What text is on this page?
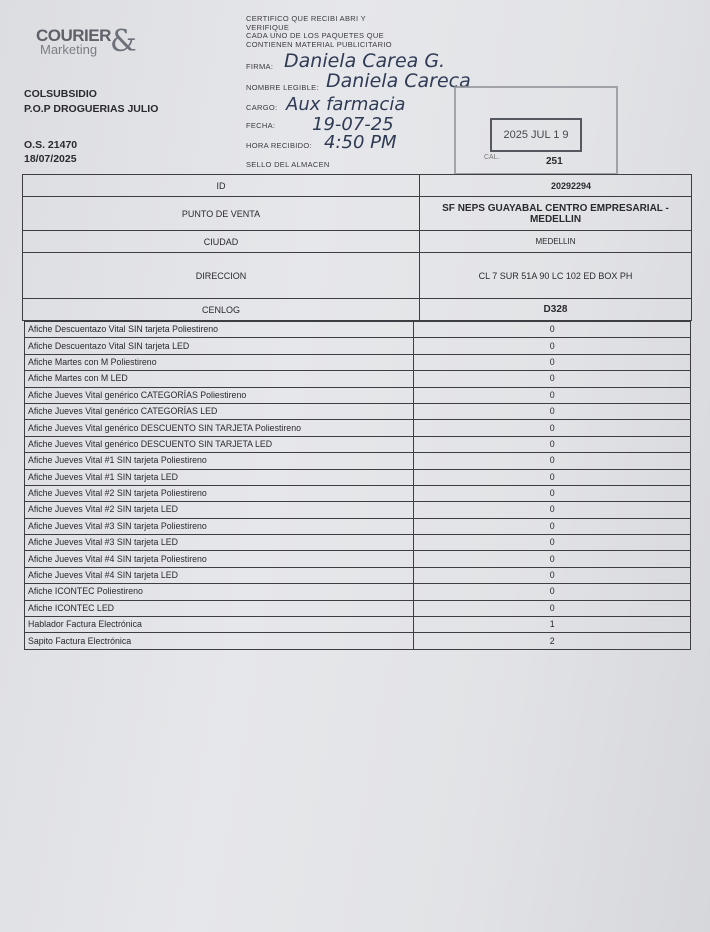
COURIER
Marketing &
COLSUBSIDIO
P.O.P DROGUERIAS JULIO
O.S. 21470
18/07/2025
CERTIFICO QUE RECIBI ABRI Y
VERIFIQUE
CADA UNO DE LOS PAQUETES QUE
CONTIENEN MATERIAL PUBLICITARIO
FIRMA: Daniela Carea G.
NOMBRE LEGIBLE: Daniela Careca
CARGO: Aux farmacia
FECHA: 19-07-25
HORA RECIBIDO: 4:50 PM
SELLO DEL ALMACEN
2025 JUL 1 9
CAL.	251
ID	20292294
PUNTO DE VENTA	SF NEPS GUAYABAL CENTRO EMPRESARIAL - MEDELLIN
CIUDAD	MEDELLIN
DIRECCION	CL 7 SUR 51A 90 LC 102 ED BOX PH
CENLOG	D328
Afiche Descuentazo Vital SIN tarjeta Poliestireno	0
Afiche Descuentazo Vital SIN tarjeta LED	0
Afiche Martes con M Poliestireno	0
Afiche Martes con M LED	0
Afiche Jueves Vital genérico CATEGORÍAS Poliestireno	0
Afiche Jueves Vital genérico CATEGORÍAS LED	0
Afiche Jueves Vital genérico DESCUENTO SIN TARJETA Poliestireno	0
Afiche Jueves Vital genérico DESCUENTO SIN TARJETA LED	0
Afiche Jueves Vital #1 SIN tarjeta Poliestireno	0
Afiche Jueves Vital #1 SIN tarjeta LED	0
Afiche Jueves Vital #2 SIN tarjeta Poliestireno	0
Afiche Jueves Vital #2 SIN tarjeta LED	0
Afiche Jueves Vital #3 SIN tarjeta Poliestireno	0
Afiche Jueves Vital #3 SIN tarjeta LED	0
Afiche Jueves Vital #4 SIN tarjeta Poliestireno	0
Afiche Jueves Vital #4 SIN tarjeta LED	0
Afiche ICONTEC Poliestireno	0
Afiche ICONTEC LED	0
Hablador Factura Electrónica	1
Sapito Factura Electrónica	2
